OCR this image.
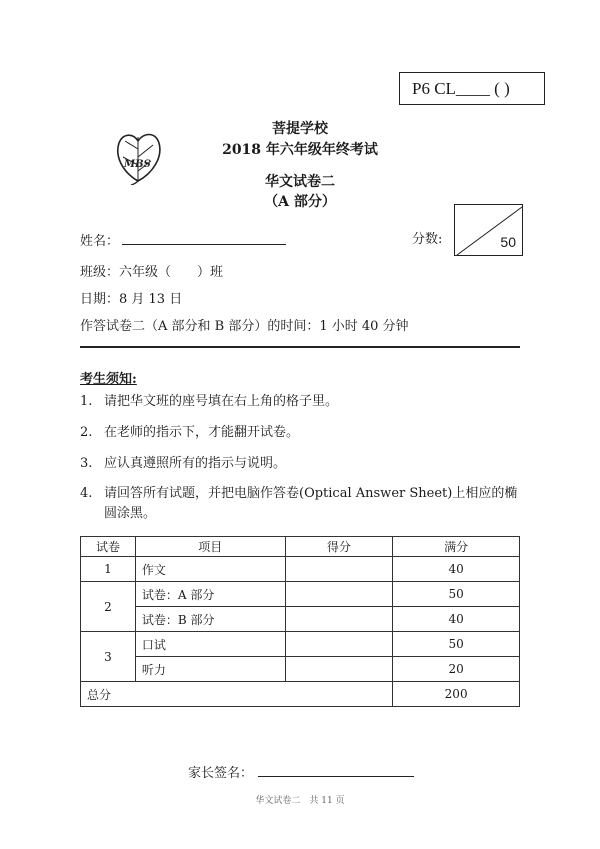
P6 CL____ ( )
MBS
菩提学校
2018 年六年级年终考试
华文试卷二
（A 部分）
姓名：	分数:	50
班级：六年级（　　）班
日期：8 月 13 日
作答试卷二（A 部分和 B 部分）的时间：1 小时 40 分钟
考生须知:
1. 请把华文班的座号填在右上角的格子里。
2. 在老师的指示下，才能翻开试卷。
3. 应认真遵照所有的指示与说明。
4. 请回答所有试题，并把电脑作答卷(Optical Answer Sheet)上相应的椭圆涂黑。
试卷	项目	得分	满分
1	作文		40
2	试卷：A 部分		50
	试卷：B 部分		40
3	口试		50
	听力		20
总分			200
家长签名：
华文试卷二　共 11 页
